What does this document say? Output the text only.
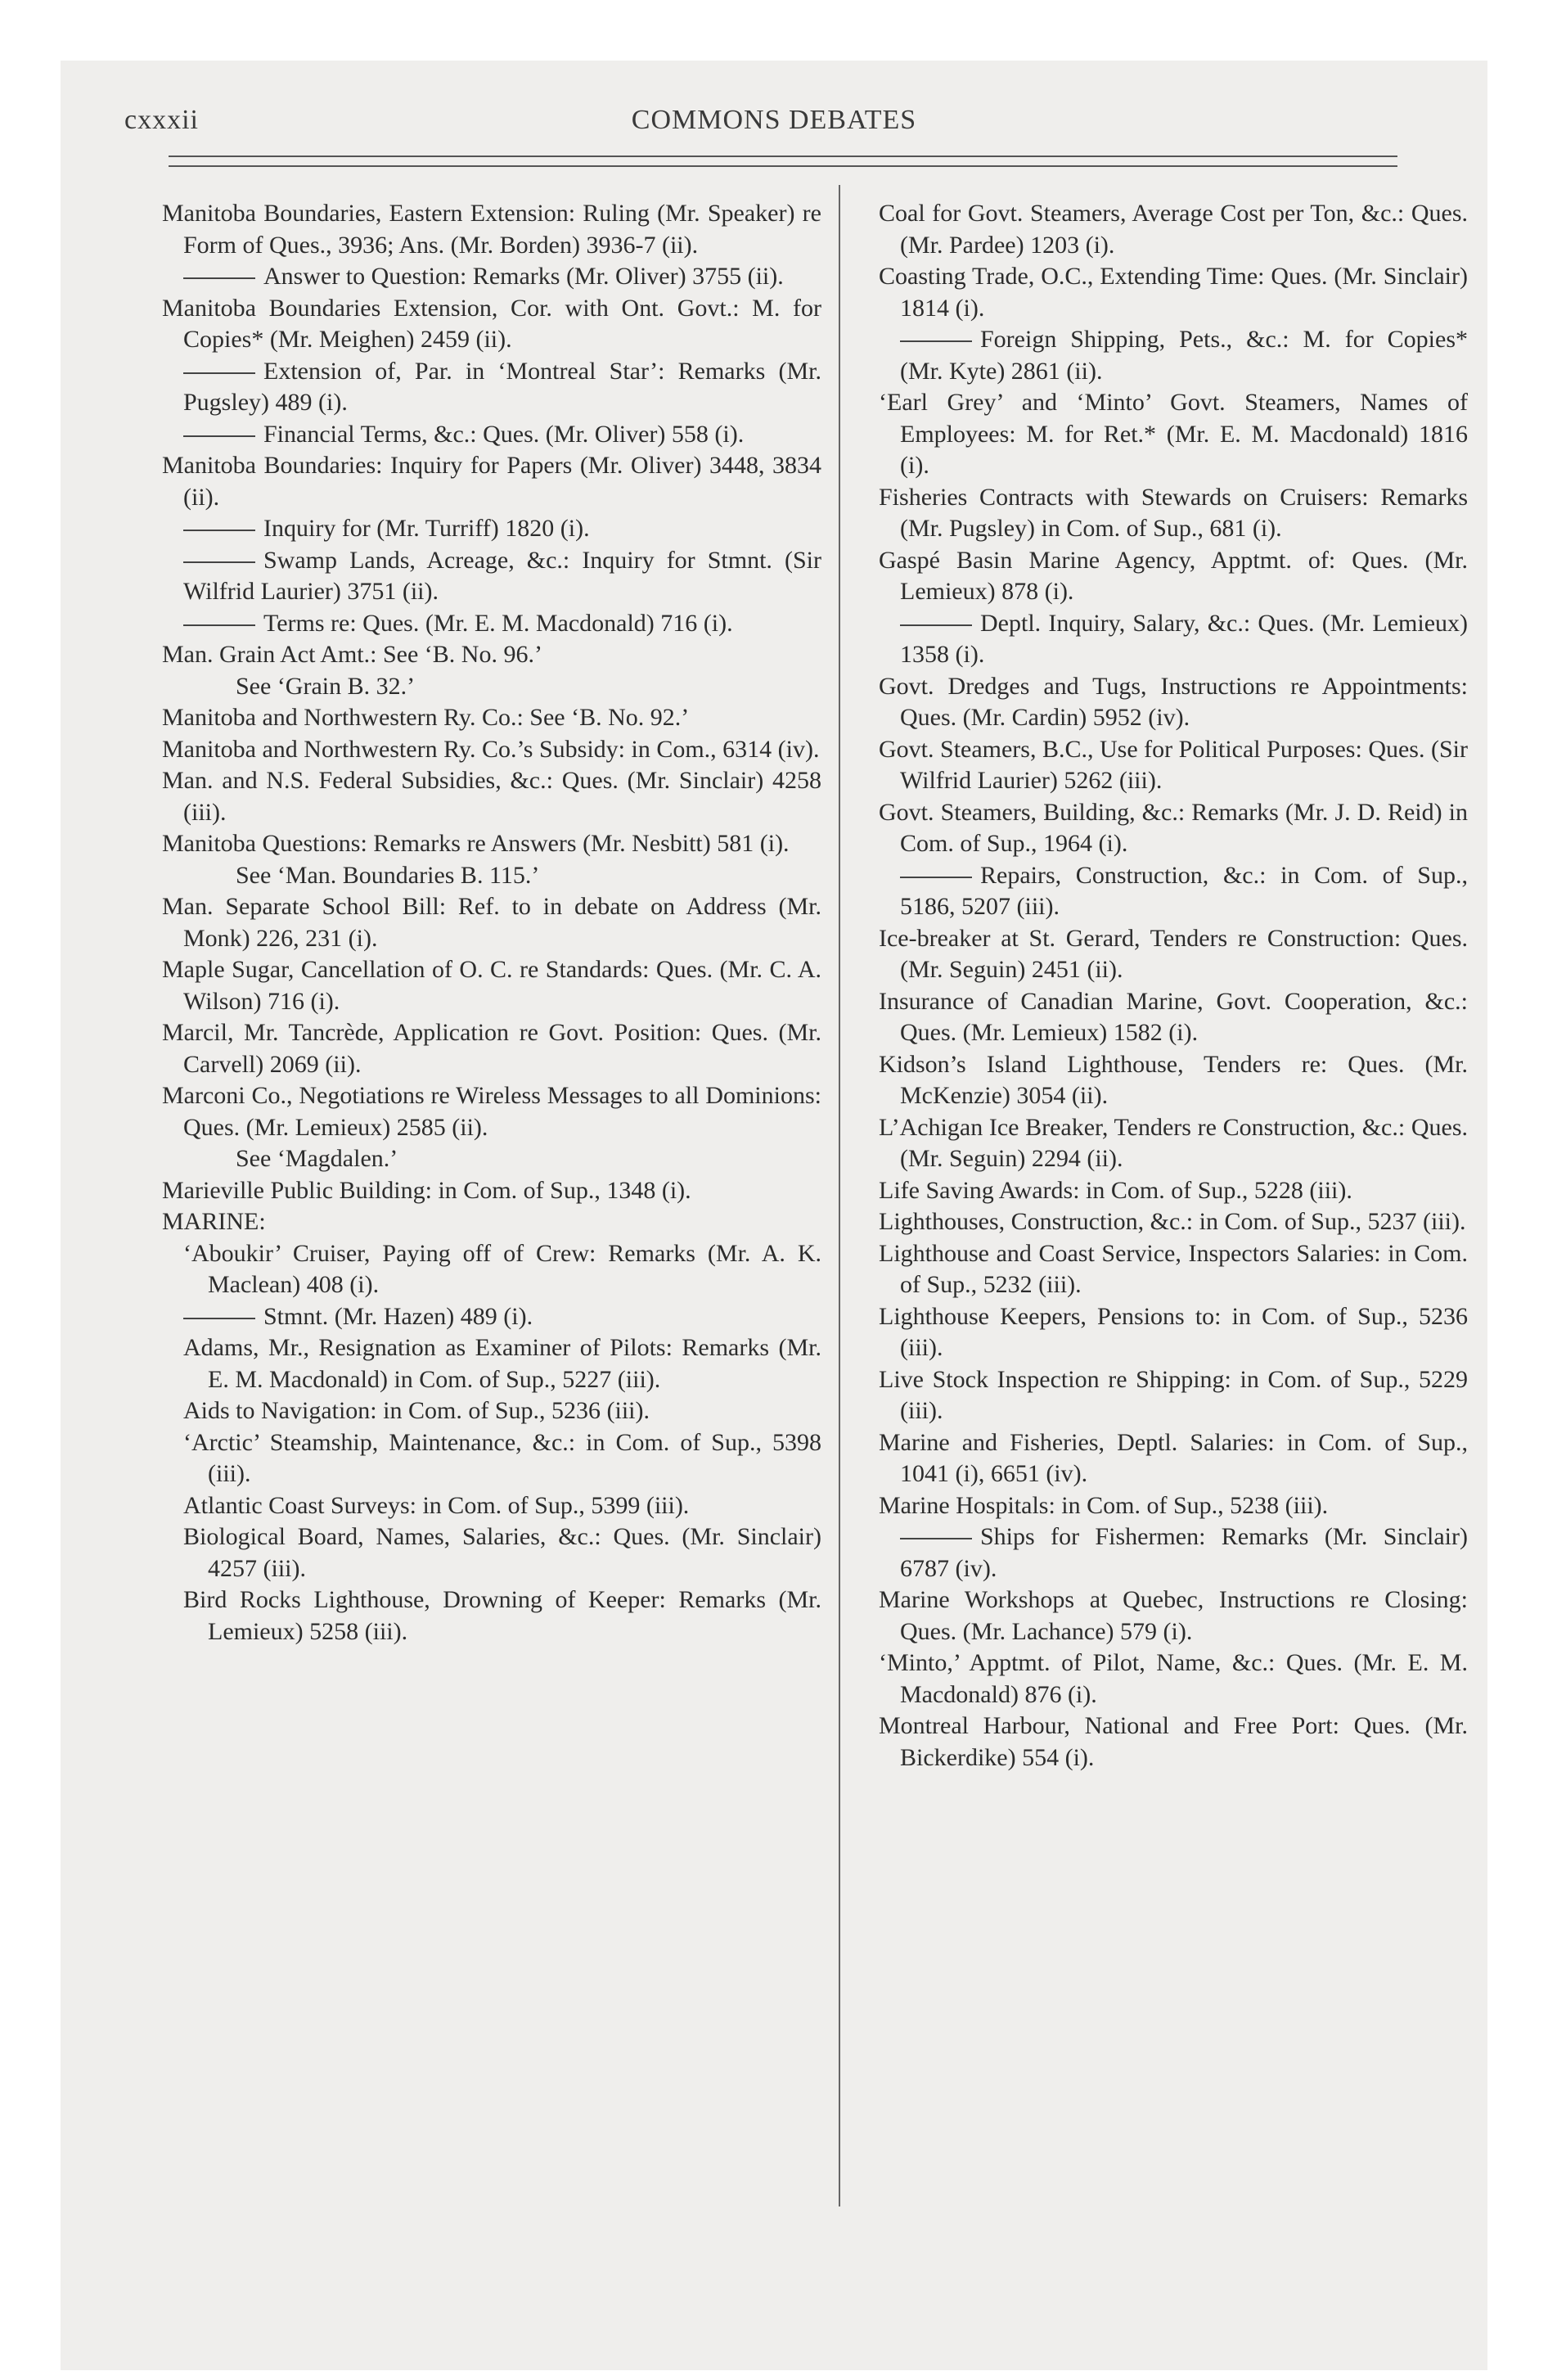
cxxxii	COMMONS DEBATES

Manitoba Boundaries, Eastern Extension: Ruling (Mr. Speaker) re Form of Ques., 3936; Ans. (Mr. Borden) 3936-7 (ii).

Answer to Question: Remarks (Mr. Oliver) 3755 (ii).

Manitoba Boundaries Extension, Cor. with Ont. Govt.: M. for Copies* (Mr. Meighen) 2459 (ii).

Extension of, Par. in ‘Montreal Star’: Remarks (Mr. Pugsley) 489 (i).

Financial Terms, &c.: Ques. (Mr. Oliver) 558 (i).

Manitoba Boundaries: Inquiry for Papers (Mr. Oliver) 3448, 3834 (ii).

Inquiry for (Mr. Turriff) 1820 (i).

Swamp Lands, Acreage, &c.: Inquiry for Stmnt. (Sir Wilfrid Laurier) 3751 (ii).

Terms re: Ques. (Mr. E. M. Macdonald) 716 (i).

Man. Grain Act Amt.: See ‘B. No. 96.’

See ‘Grain B. 32.’

Manitoba and Northwestern Ry. Co.: See ‘B. No. 92.’

Manitoba and Northwestern Ry. Co.’s Subsidy: in Com., 6314 (iv).

Man. and N.S. Federal Subsidies, &c.: Ques. (Mr. Sinclair) 4258 (iii).

Manitoba Questions: Remarks re Answers (Mr. Nesbitt) 581 (i).

See ‘Man. Boundaries B. 115.’

Man. Separate School Bill: Ref. to in debate on Address (Mr. Monk) 226, 231 (i).

Maple Sugar, Cancellation of O. C. re Standards: Ques. (Mr. C. A. Wilson) 716 (i).

Marcil, Mr. Tancrède, Application re Govt. Position: Ques. (Mr. Carvell) 2069 (ii).

Marconi Co., Negotiations re Wireless Messages to all Dominions: Ques. (Mr. Lemieux) 2585 (ii).

See ‘Magdalen.’

Marieville Public Building: in Com. of Sup., 1348 (i).

MARINE:

‘Aboukir’ Cruiser, Paying off of Crew: Remarks (Mr. A. K. Maclean) 408 (i).

Stmnt. (Mr. Hazen) 489 (i).

Adams, Mr., Resignation as Examiner of Pilots: Remarks (Mr. E. M. Macdonald) in Com. of Sup., 5227 (iii).

Aids to Navigation: in Com. of Sup., 5236 (iii).

‘Arctic’ Steamship, Maintenance, &c.: in Com. of Sup., 5398 (iii).

Atlantic Coast Surveys: in Com. of Sup., 5399 (iii).

Biological Board, Names, Salaries, &c.: Ques. (Mr. Sinclair) 4257 (iii).

Bird Rocks Lighthouse, Drowning of Keeper: Remarks (Mr. Lemieux) 5258 (iii).

Coal for Govt. Steamers, Average Cost per Ton, &c.: Ques. (Mr. Pardee) 1203 (i).

Coasting Trade, O.C., Extending Time: Ques. (Mr. Sinclair) 1814 (i).

Foreign Shipping, Pets., &c.: M. for Copies* (Mr. Kyte) 2861 (ii).

‘Earl Grey’ and ‘Minto’ Govt. Steamers, Names of Employees: M. for Ret.* (Mr. E. M. Macdonald) 1816 (i).

Fisheries Contracts with Stewards on Cruisers: Remarks (Mr. Pugsley) in Com. of Sup., 681 (i).

Gaspé Basin Marine Agency, Apptmt. of: Ques. (Mr. Lemieux) 878 (i).

Deptl. Inquiry, Salary, &c.: Ques. (Mr. Lemieux) 1358 (i).

Govt. Dredges and Tugs, Instructions re Appointments: Ques. (Mr. Cardin) 5952 (iv).

Govt. Steamers, B.C., Use for Political Purposes: Ques. (Sir Wilfrid Laurier) 5262 (iii).

Govt. Steamers, Building, &c.: Remarks (Mr. J. D. Reid) in Com. of Sup., 1964 (i).

Repairs, Construction, &c.: in Com. of Sup., 5186, 5207 (iii).

Ice-breaker at St. Gerard, Tenders re Construction: Ques. (Mr. Seguin) 2451 (ii).

Insurance of Canadian Marine, Govt. Cooperation, &c.: Ques. (Mr. Lemieux) 1582 (i).

Kidson’s Island Lighthouse, Tenders re: Ques. (Mr. McKenzie) 3054 (ii).

L’Achigan Ice Breaker, Tenders re Construction, &c.: Ques. (Mr. Seguin) 2294 (ii).

Life Saving Awards: in Com. of Sup., 5228 (iii).

Lighthouses, Construction, &c.: in Com. of Sup., 5237 (iii).

Lighthouse and Coast Service, Inspectors Salaries: in Com. of Sup., 5232 (iii).

Lighthouse Keepers, Pensions to: in Com. of Sup., 5236 (iii).

Live Stock Inspection re Shipping: in Com. of Sup., 5229 (iii).

Marine and Fisheries, Deptl. Salaries: in Com. of Sup., 1041 (i), 6651 (iv).

Marine Hospitals: in Com. of Sup., 5238 (iii).

Ships for Fishermen: Remarks (Mr. Sinclair) 6787 (iv).

Marine Workshops at Quebec, Instructions re Closing: Ques. (Mr. Lachance) 579 (i).

‘Minto,’ Apptmt. of Pilot, Name, &c.: Ques. (Mr. E. M. Macdonald) 876 (i).

Montreal Harbour, National and Free Port: Ques. (Mr. Bickerdike) 554 (i).
